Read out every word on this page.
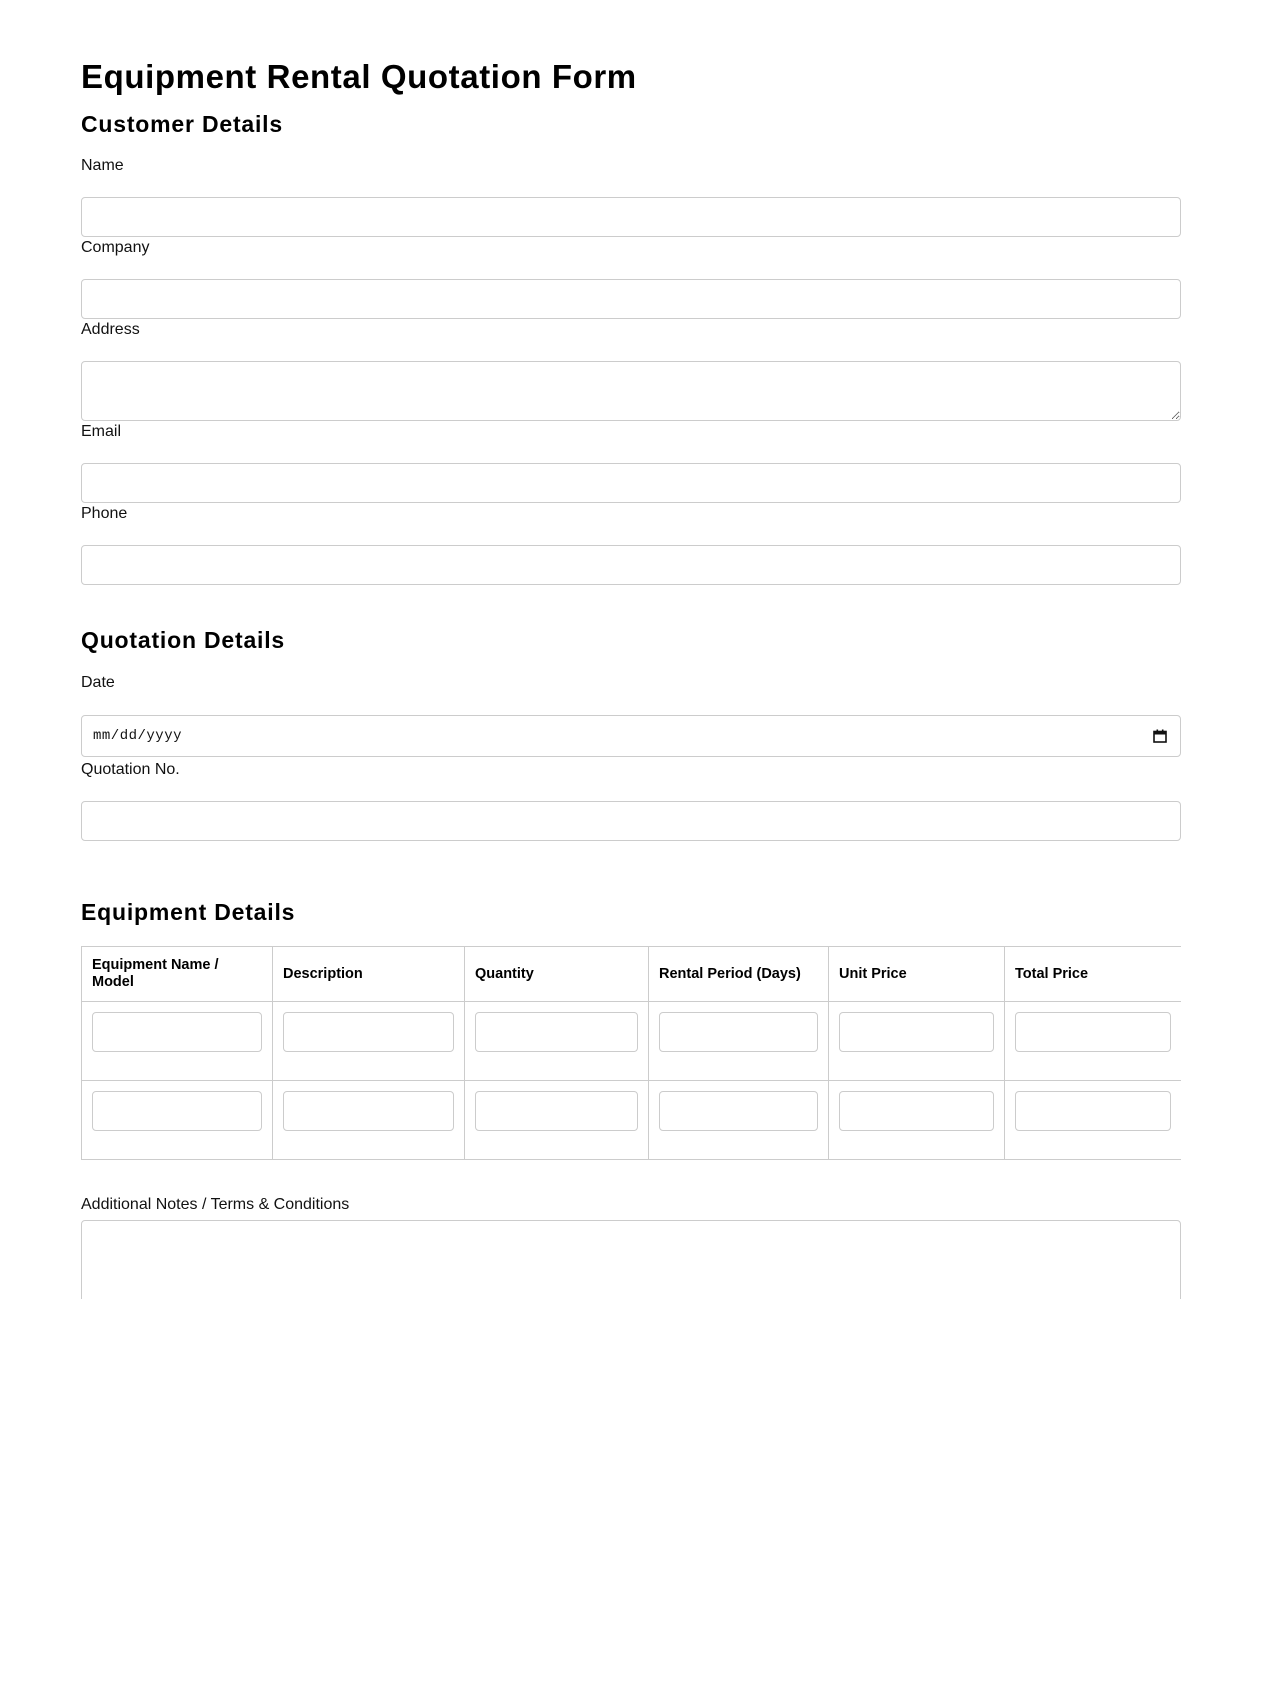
Equipment Rental Quotation Form
Customer Details
Name
Company
Address
Email
Phone
Quotation Details
Date
mm/dd/yyyy
Quotation No.
Equipment Details
Equipment Name / Model	Description	Quantity	Rental Period (Days)	Unit Price	Total Price

Additional Notes / Terms & Conditions
